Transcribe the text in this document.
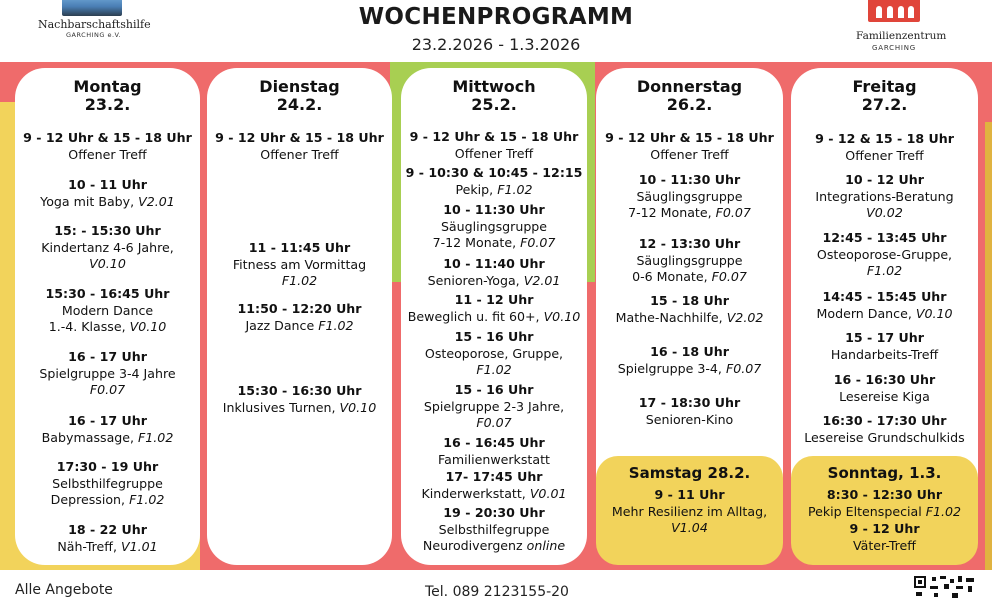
Nachbarschaftshilfe
GARCHING e.V.
WOCHENPROGRAMM
23.2.2026 - 1.3.2026	Familienzentrum
GARCHING
Montag
23.2.
9 - 12 Uhr & 15 - 18 Uhr
Offener Treff
10 - 11 Uhr
Yoga mit Baby, V2.01
15: - 15:30 Uhr
Kindertanz 4-6 Jahre,
V0.10
15:30 - 16:45 Uhr
Modern Dance
1.-4. Klasse, V0.10
16 - 17 Uhr
Spielgruppe 3-4 Jahre
F0.07
16 - 17 Uhr
Babymassage, F1.02
17:30 - 19 Uhr
Selbsthilfegruppe
Depression, F1.02
18 - 22 Uhr
Näh-Treff, V1.01
Dienstag
24.2.
9 - 12 Uhr & 15 - 18 Uhr
Offener Treff
11 - 11:45 Uhr
Fitness am Vormittag
F1.02
11:50 - 12:20 Uhr
Jazz Dance F1.02
15:30 - 16:30 Uhr
Inklusives Turnen, V0.10
Mittwoch
25.2.
9 - 12 Uhr & 15 - 18 Uhr
Offener Treff
9 - 10:30 & 10:45 - 12:15
Pekip, F1.02
10 - 11:30 Uhr
Säuglingsgruppe
7-12 Monate, F0.07
10 - 11:40 Uhr
Senioren-Yoga, V2.01
11 - 12 Uhr
Beweglich u. fit 60+, V0.10
15 - 16 Uhr
Osteoporose, Gruppe,
F1.02
15 - 16 Uhr
Spielgruppe 2-3 Jahre,
F0.07
16 - 16:45 Uhr
Familienwerkstatt
17- 17:45 Uhr
Kinderwerkstatt, V0.01
19 - 20:30 Uhr
Selbsthilfegruppe
Neurodivergenz online
Donnerstag
26.2.
9 - 12 Uhr & 15 - 18 Uhr
Offener Treff
10 - 11:30 Uhr
Säuglingsgruppe
7-12 Monate, F0.07
12 - 13:30 Uhr
Säuglingsgruppe
0-6 Monate, F0.07
15 - 18 Uhr
Mathe-Nachhilfe, V2.02
16 - 18 Uhr
Spielgruppe 3-4, F0.07
17 - 18:30 Uhr
Senioren-Kino
Samstag 28.2.
9 - 11 Uhr
Mehr Resilienz im Alltag,
V1.04
Freitag
27.2.
9 - 12 & 15 - 18 Uhr
Offener Treff
10 - 12 Uhr
Integrations-Beratung
V0.02
12:45 - 13:45 Uhr
Osteoporose-Gruppe,
F1.02
14:45 - 15:45 Uhr
Modern Dance, V0.10
15 - 17 Uhr
Handarbeits-Treff
16 - 16:30 Uhr
Lesereise Kiga
16:30 - 17:30 Uhr
Lesereise Grundschulkids
Sonntag, 1.3.
8:30 - 12:30 Uhr
Pekip Eltenspecial F1.02
9 - 12 Uhr
Väter-Treff
Alle Angebote	Tel. 089 2123155-20
